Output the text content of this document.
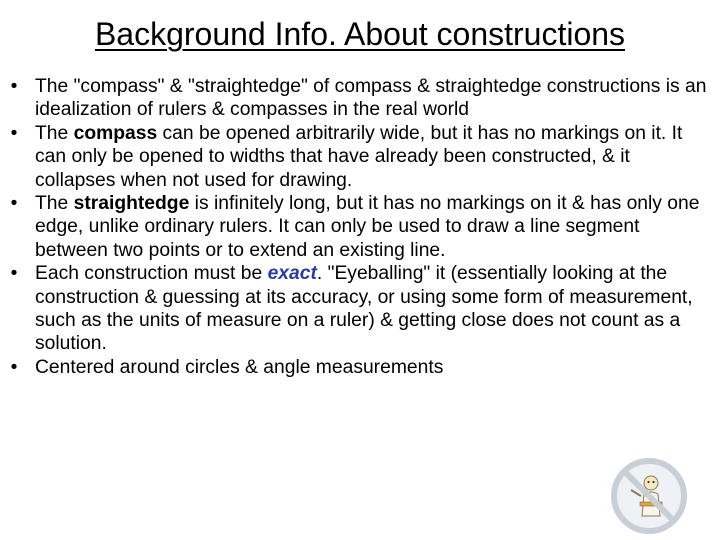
Background Info. About constructions
• The "compass" & "straightedge" of compass & straightedge constructions is an idealization of rulers & compasses in the real world
• The compass can be opened arbitrarily wide, but it has no markings on it. It can only be opened to widths that have already been constructed, & it collapses when not used for drawing.
• The straightedge is infinitely long, but it has no markings on it & has only one edge, unlike ordinary rulers. It can only be used to draw a line segment between two points or to extend an existing line.
• Each construction must be exact. "Eyeballing" it (essentially looking at the construction & guessing at its accuracy, or using some form of measurement, such as the units of measure on a ruler) & getting close does not count as a solution.
• Centered around circles & angle measurements
